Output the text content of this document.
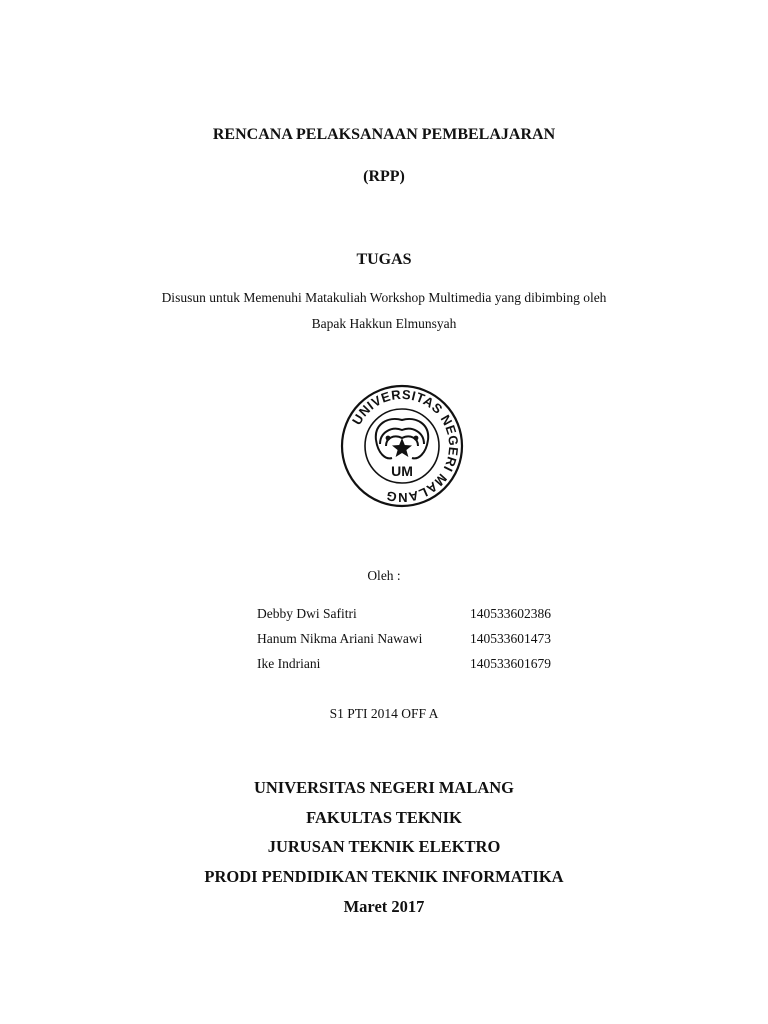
RENCANA PELAKSANAAN PEMBELAJARAN
(RPP)
TUGAS
Disusun untuk Memenuhi Matakuliah Workshop Multimedia yang dibimbing oleh
Bapak Hakkun Elmunsyah
UNIVERSITAS NEGERI MALANG
UM
Oleh :
Debby Dwi Safitri	140533602386
Hanum Nikma Ariani Nawawi	140533601473
Ike Indriani	140533601679
S1 PTI 2014 OFF A
UNIVERSITAS NEGERI MALANG
FAKULTAS TEKNIK
JURUSAN TEKNIK ELEKTRO
PRODI PENDIDIKAN TEKNIK INFORMATIKA
Maret 2017
